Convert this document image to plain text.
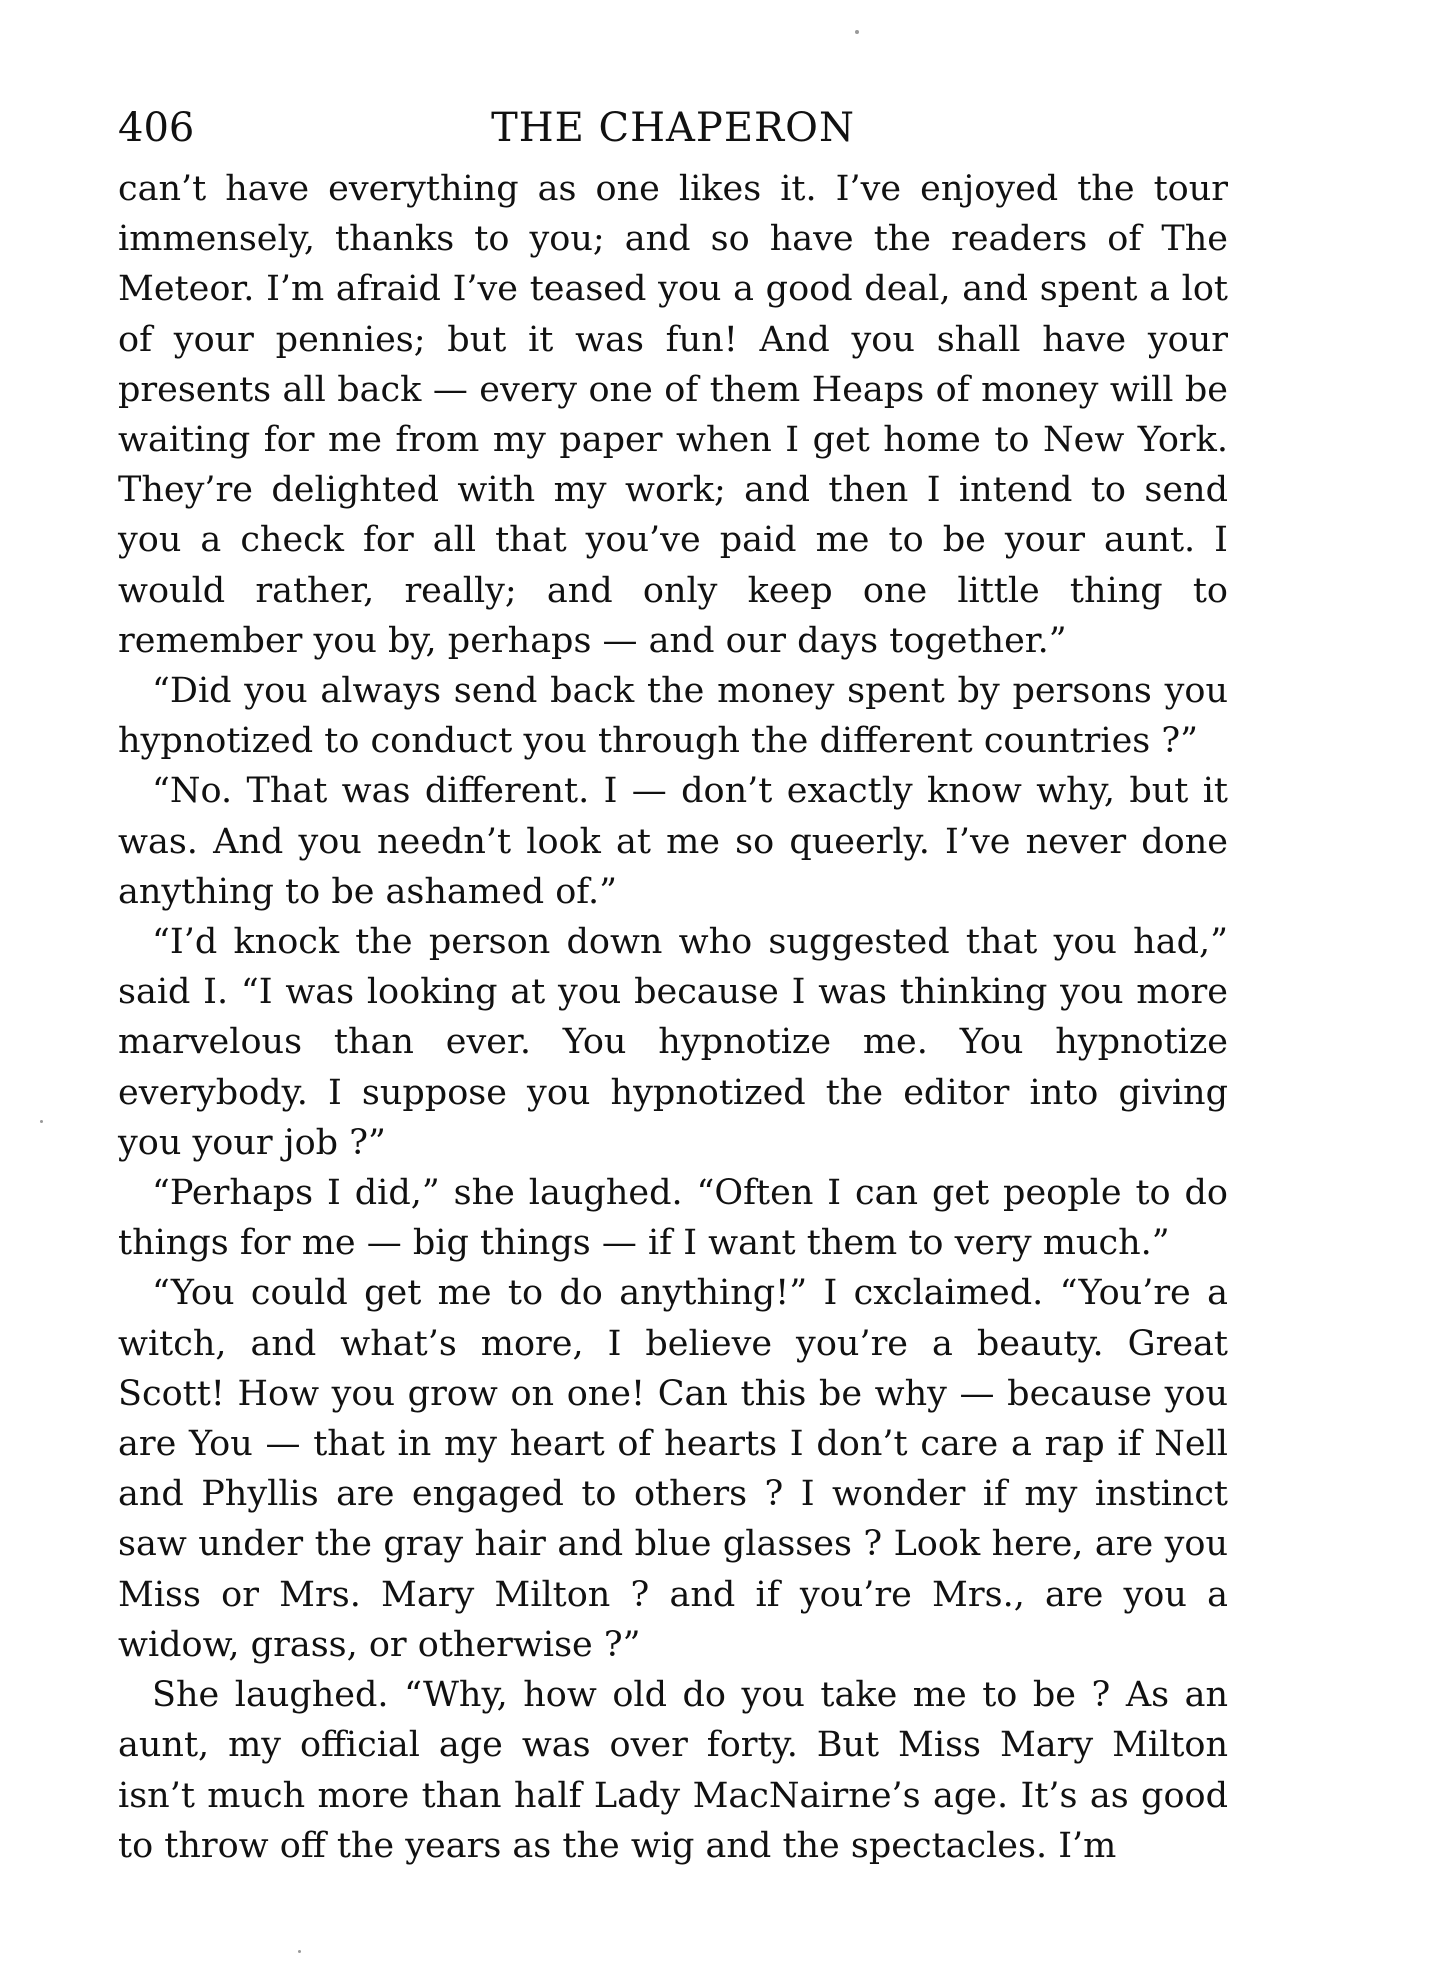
406	THE CHAPERON

can’t have everything as one likes it. I’ve enjoyed the tour immensely, thanks to you; and so have the readers of The Meteor. I’m afraid I’ve teased you a good deal, and spent a lot of your pennies; but it was fun! And you shall have your presents all back — every one of them Heaps of money will be waiting for me from my paper when I get home to New York. They’re delighted with my work; and then I intend to send you a check for all that you’ve paid me to be your aunt. I would rather, really; and only keep one little thing to remember you by, perhaps — and our days together.”

“Did you always send back the money spent by persons you hypnotized to conduct you through the different countries ?”

“No. That was different. I — don’t exactly know why, but it was. And you needn’t look at me so queerly. I’ve never done anything to be ashamed of.”

“I’d knock the person down who suggested that you had,” said I. “I was looking at you because I was thinking you more marvelous than ever. You hypnotize me. You hypnotize everybody. I suppose you hypnotized the editor into giving you your job ?”

“Perhaps I did,” she laughed. “Often I can get people to do things for me — big things — if I want them to very much.”

“You could get me to do anything!” I cxclaimed. “You’re a witch, and what’s more, I believe you’re a beauty. Great Scott! How you grow on one! Can this be why — because you are You — that in my heart of hearts I don’t care a rap if Nell and Phyllis are engaged to others ? I wonder if my instinct saw under the gray hair and blue glasses ? Look here, are you Miss or Mrs. Mary Milton ? and if you’re Mrs., are you a widow, grass, or otherwise ?”

She laughed. “Why, how old do you take me to be ? As an aunt, my official age was over forty. But Miss Mary Milton isn’t much more than half Lady MacNairne’s age. It’s as good to throw off the years as the wig and the spectacles. I’m
